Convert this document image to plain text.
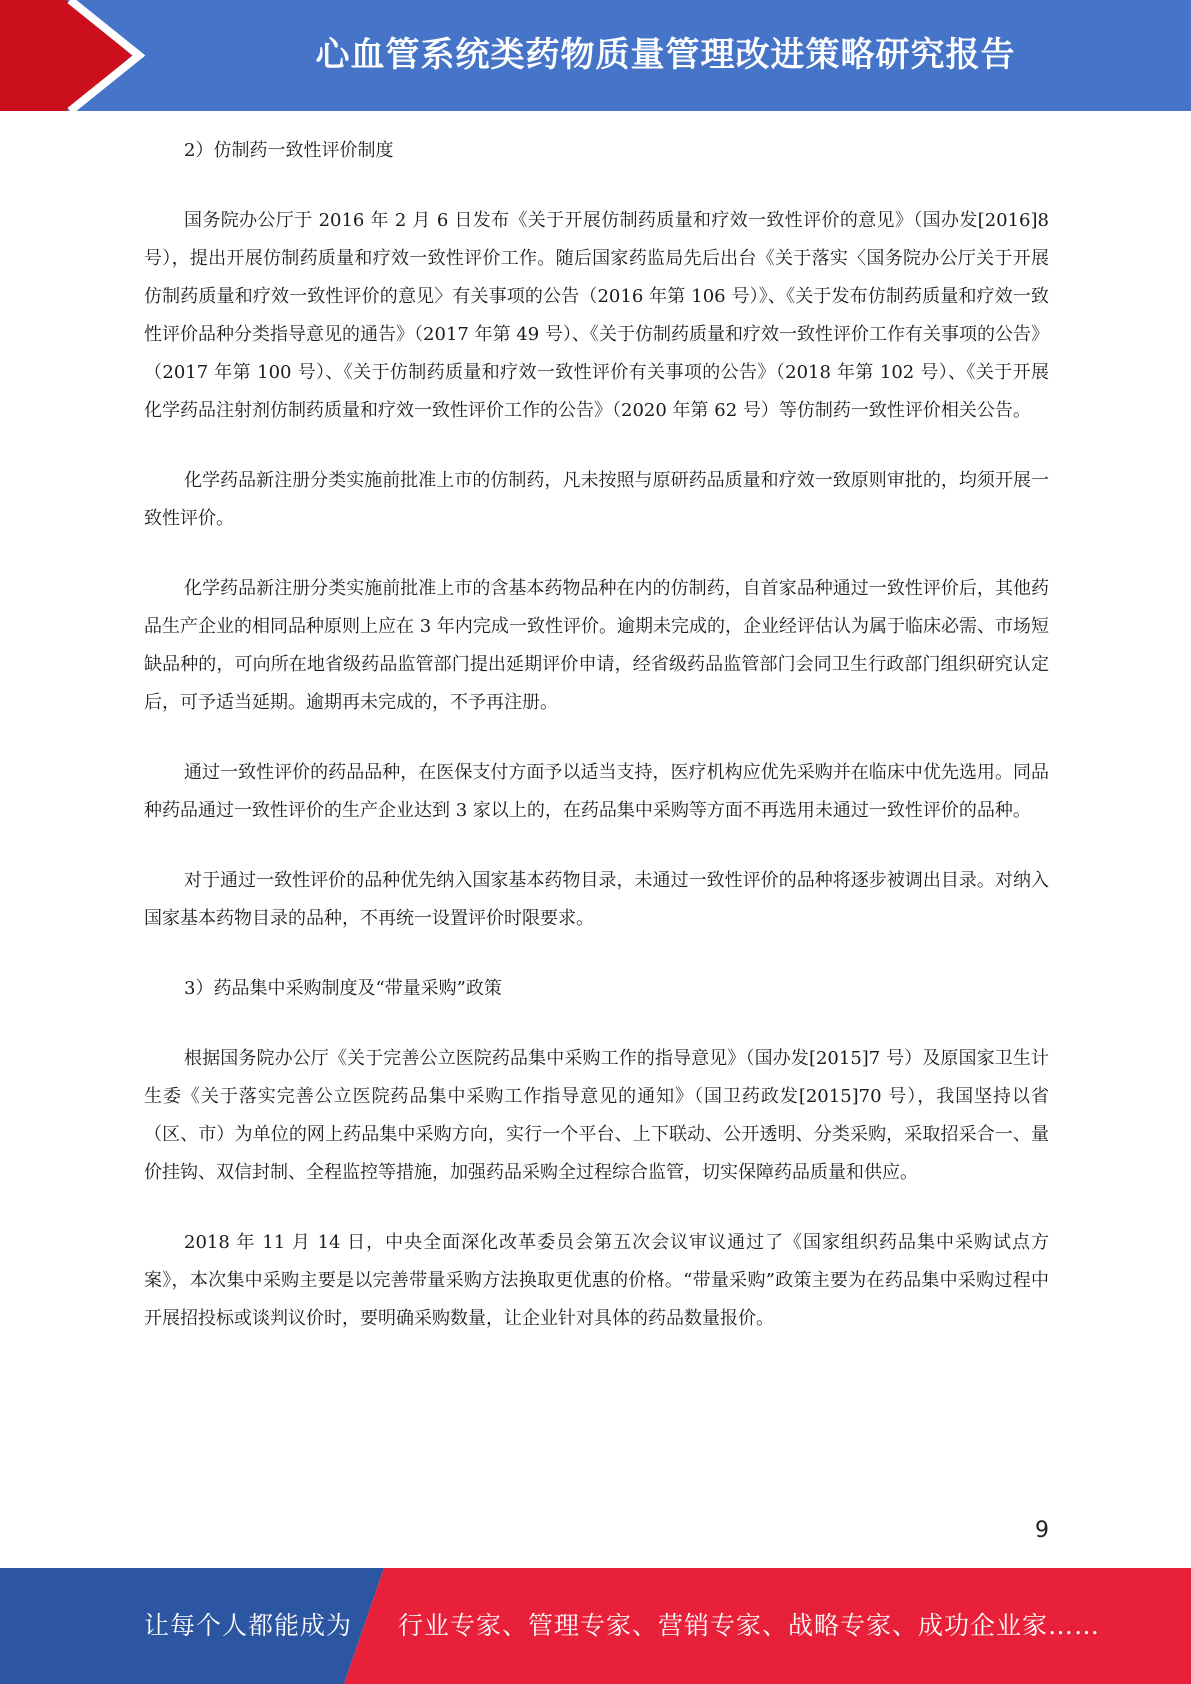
心血管系统类药物质量管理改进策略研究报告

2）仿制药一致性评价制度

国务院办公厅于 2016 年 2 月 6 日发布《关于开展仿制药质量和疗效一致性评价的意见》（国办发[2016]8 号），提出开展仿制药质量和疗效一致性评价工作。随后国家药监局先后出台《关于落实〈国务院办公厅关于开展仿制药质量和疗效一致性评价的意见〉有关事项的公告（2016 年第 106 号）》、《关于发布仿制药质量和疗效一致性评价品种分类指导意见的通告》（2017 年第 49 号）、《关于仿制药质量和疗效一致性评价工作有关事项的公告》（2017 年第 100 号）、《关于仿制药质量和疗效一致性评价有关事项的公告》（2018 年第 102 号）、《关于开展化学药品注射剂仿制药质量和疗效一致性评价工作的公告》（2020 年第 62 号）等仿制药一致性评价相关公告。

化学药品新注册分类实施前批准上市的仿制药，凡未按照与原研药品质量和疗效一致原则审批的，均须开展一致性评价。

化学药品新注册分类实施前批准上市的含基本药物品种在内的仿制药，自首家品种通过一致性评价后，其他药品生产企业的相同品种原则上应在 3 年内完成一致性评价。逾期未完成的，企业经评估认为属于临床必需、市场短缺品种的，可向所在地省级药品监管部门提出延期评价申请，经省级药品监管部门会同卫生行政部门组织研究认定后，可予适当延期。逾期再未完成的，不予再注册。

通过一致性评价的药品品种，在医保支付方面予以适当支持，医疗机构应优先采购并在临床中优先选用。同品种药品通过一致性评价的生产企业达到 3 家以上的，在药品集中采购等方面不再选用未通过一致性评价的品种。

对于通过一致性评价的品种优先纳入国家基本药物目录，未通过一致性评价的品种将逐步被调出目录。对纳入国家基本药物目录的品种，不再统一设置评价时限要求。

3）药品集中采购制度及“带量采购”政策

根据国务院办公厅《关于完善公立医院药品集中采购工作的指导意见》（国办发[2015]7 号）及原国家卫生计生委《关于落实完善公立医院药品集中采购工作指导意见的通知》（国卫药政发[2015]70 号），我国坚持以省（区、市）为单位的网上药品集中采购方向，实行一个平台、上下联动、公开透明、分类采购，采取招采合一、量价挂钩、双信封制、全程监控等措施，加强药品采购全过程综合监管，切实保障药品质量和供应。

2018 年 11 月 14 日，中央全面深化改革委员会第五次会议审议通过了《国家组织药品集中采购试点方案》，本次集中采购主要是以完善带量采购方法换取更优惠的价格。“带量采购”政策主要为在药品集中采购过程中开展招投标或谈判议价时，要明确采购数量，让企业针对具体的药品数量报价。

9
让每个人都能成为 行业专家、管理专家、营销专家、战略专家、成功企业家……
